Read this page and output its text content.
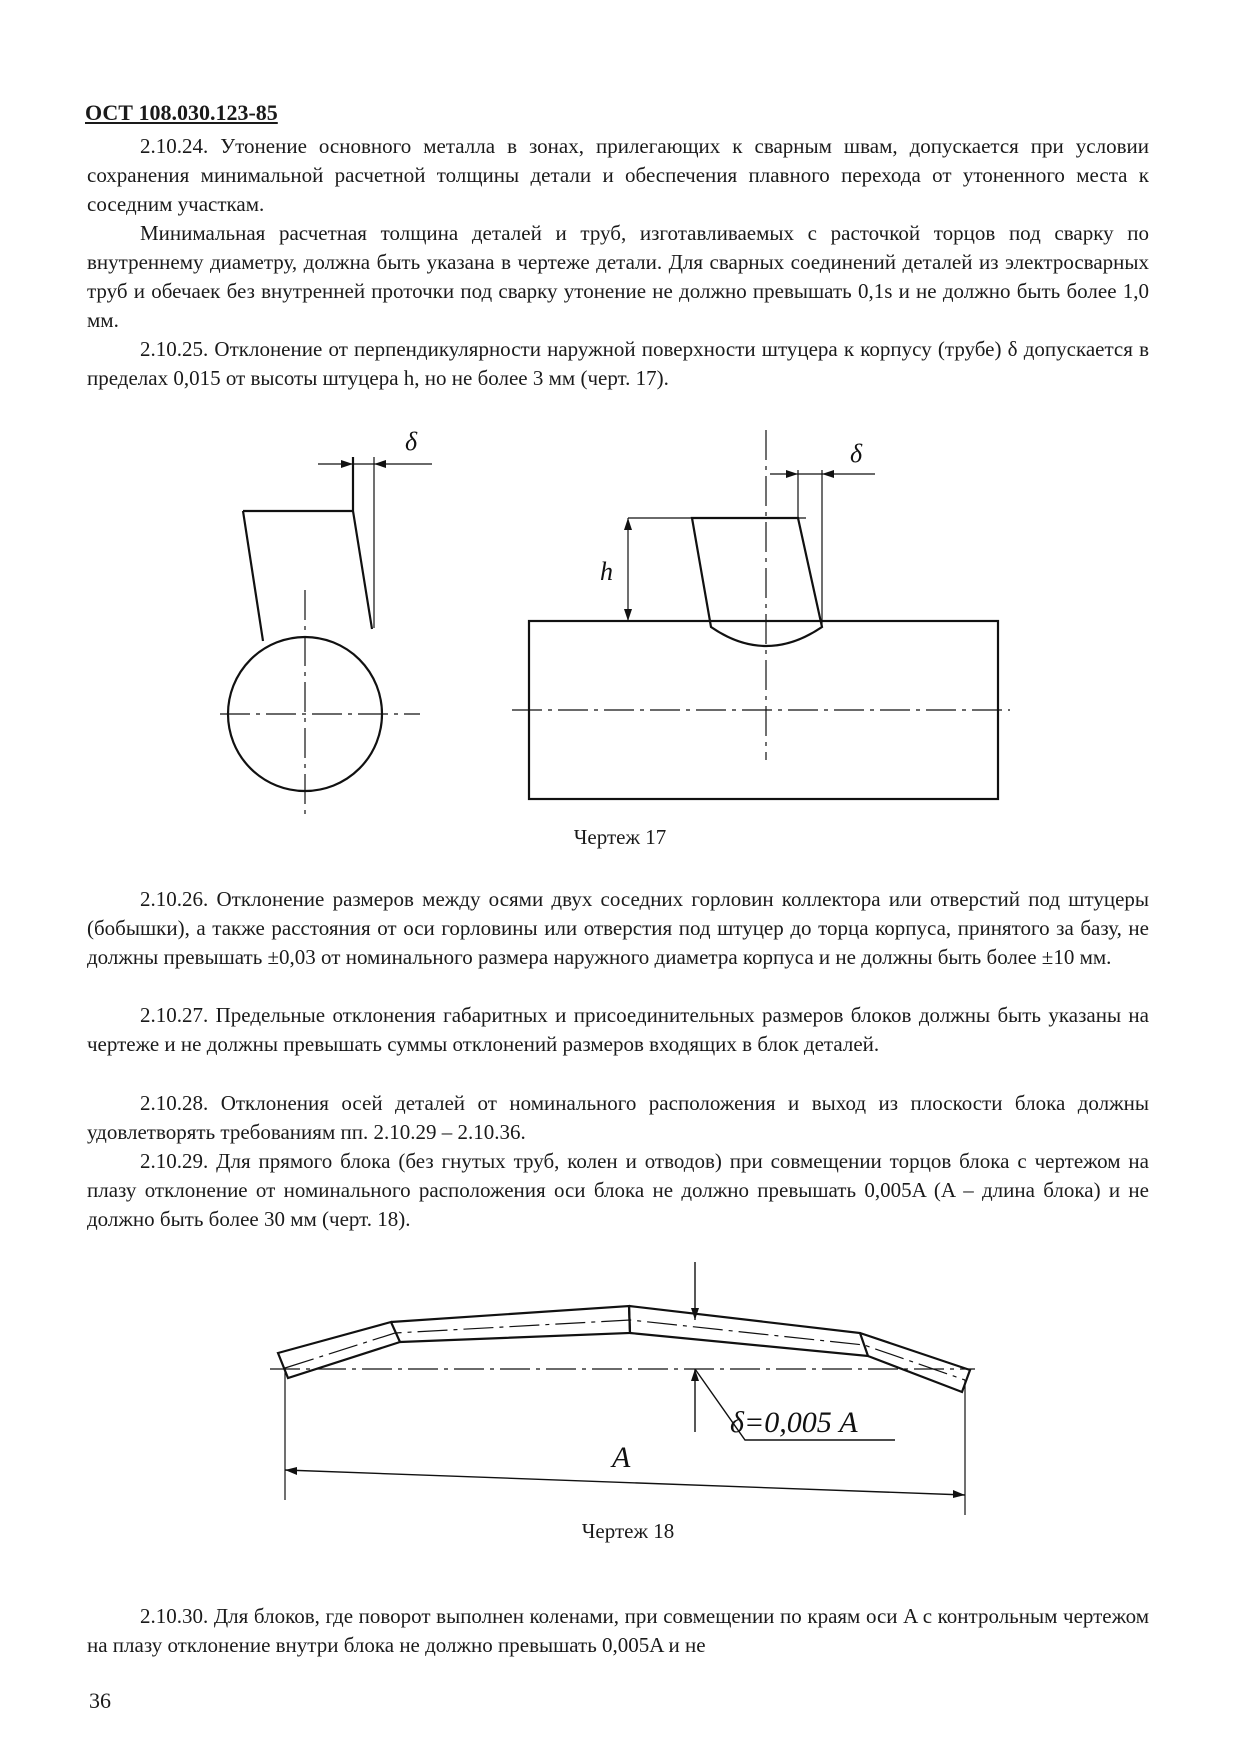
ОСТ 108.030.123-85

2.10.24. Утонение основного металла в зонах, прилегающих к сварным швам, допускается при условии сохранения минимальной расчетной толщины детали и обеспечения плавного перехода от утоненного места к соседним участкам.

Минимальная расчетная толщина деталей и труб, изготавливаемых с расточкой торцов под сварку по внутреннему диаметру, должна быть указана в чертеже детали. Для сварных соединений деталей из электросварных труб и обечаек без внутренней проточки под сварку утонение не должно превышать 0,1s и не должно быть более 1,0 мм.

2.10.25. Отклонение от перпендикулярности наружной поверхности штуцера к корпусу (трубе) δ допускается в пределах 0,015 от высоты штуцера h, но не более 3 мм (черт. 17).

δ	δ
h
Чертеж 17

2.10.26. Отклонение размеров между осями двух соседних горловин коллектора или отверстий под штуцеры (бобышки), а также расстояния от оси горловины или отверстия под штуцер до торца корпуса, принятого за базу, не должны превышать ±0,03 от номинального размера наружного диаметра корпуса и не должны быть более ±10 мм.

2.10.27. Предельные отклонения габаритных и присоединительных размеров блоков должны быть указаны на чертеже и не должны превышать суммы отклонений размеров входящих в блок деталей.

2.10.28. Отклонения осей деталей от номинального расположения и выход из плоскости блока должны удовлетворять требованиям пп. 2.10.29 – 2.10.36.

2.10.29. Для прямого блока (без гнутых труб, колен и отводов) при совмещении торцов блока с чертежом на плазу отклонение от номинального расположения оси блока не должно превышать 0,005A (A – длина блока) и не должно быть более 30 мм (черт. 18).

δ=0,005 A
A
Чертеж 18

2.10.30. Для блоков, где поворот выполнен коленами, при совмещении по краям оси A с контрольным чертежом на плазу отклонение внутри блока не должно превышать 0,005A и не

36
